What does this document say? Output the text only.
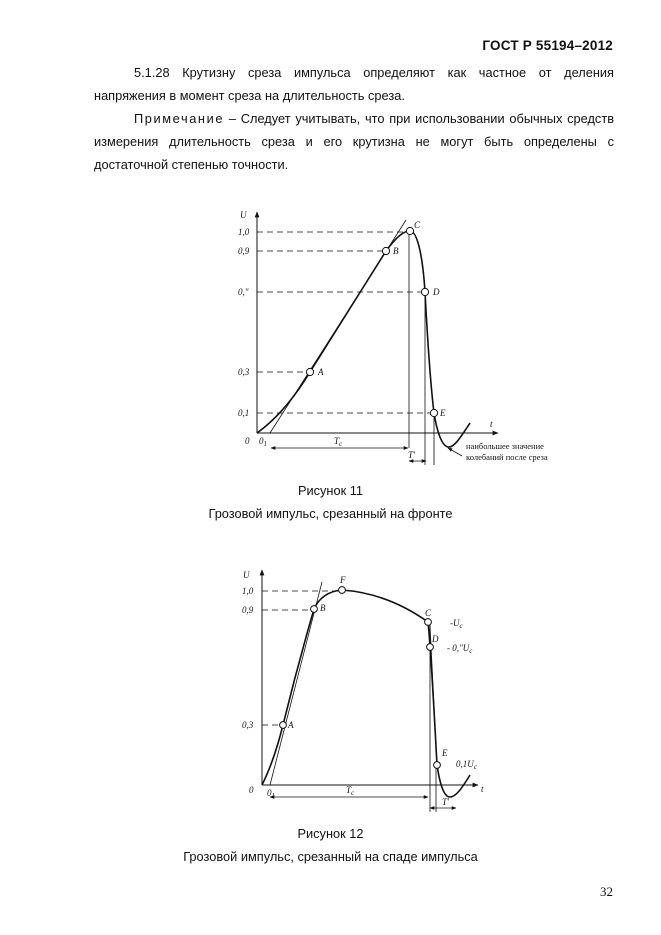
ГОСТ Р 55194–2012
5.1.28 Крутизну среза импульса определяют как частное от деления напряжения в момент среза на длительность среза.
Примечание – Следует учитывать, что при использовании обычных средств измерения длительность среза и его крутизна не могут быть определены с достаточной степенью точности.
U
t
0 $0_1$
1,0
0,9
0,"
0,3
0,1
A
B
C
D
E
$T_c$
T'
наибольшее значение
колебаний после среза
Рисунок 11
Грозовой импульс, срезанный на фронте
U
t
0 $0_1$
1,0
0,9
0,3	A
B
F
C
D
E
$-U_c$
- $0,"U_c$
$0,1U_c$
$T_c$
T'
Рисунок 12
Грозовой импульс, срезанный на спаде импульса
32
